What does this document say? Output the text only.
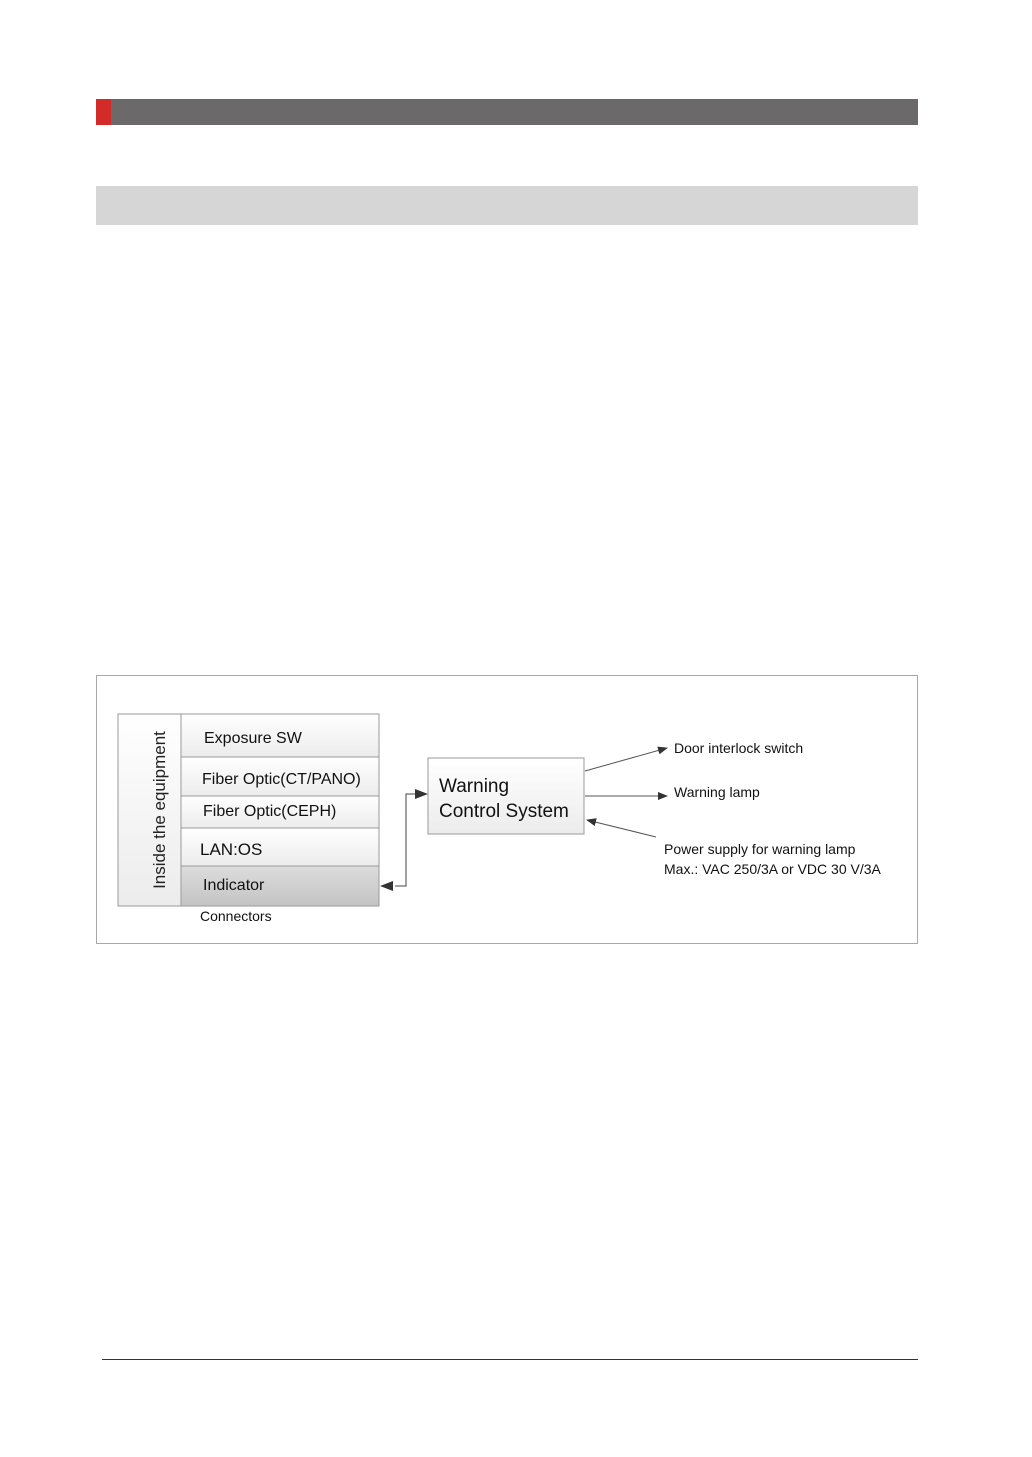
Inside the equipment Exposure SW
Fiber Optic(CT/PANO)
Fiber Optic(CEPH)
LAN:OS
Indicator
Connectors
Warning
Control System
Door interlock switch
Warning lamp
Power supply for warning lamp
Max.: VAC 250/3A or VDC 30 V/3A
